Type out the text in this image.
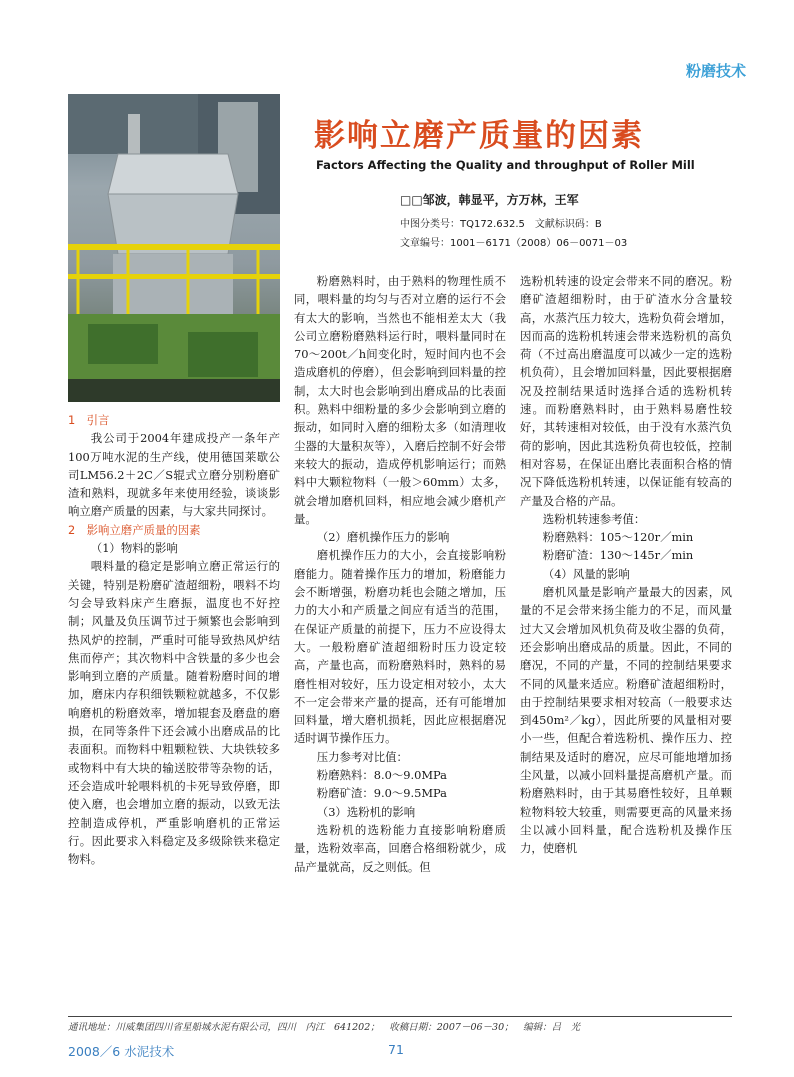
粉磨技术
影响立磨产质量的因素
Factors Affecting the Quality and throughput of Roller Mill
□□邹波，韩显平，方万林，王军
中图分类号：TQ172.632.5　文献标识码：B
文章编号：1001－6171（2008）06－0071－03

1　引言

我公司于2004年建成投产一条年产100万吨水泥的生产线，使用德国莱歇公司LM56.2＋2C／S辊式立磨分别粉磨矿渣和熟料，现就多年来使用经验，谈谈影响立磨产质量的因素，与大家共同探讨。

2　影响立磨产质量的因素

（1）物料的影响

喂料量的稳定是影响立磨正常运行的关键，特别是粉磨矿渣超细粉，喂料不均匀会导致料床产生磨振，温度也不好控制；风量及负压调节过于频繁也会影响到热风炉的控制，严重时可能导致热风炉结焦而停产；其次物料中含铁量的多少也会影响到立磨的产质量。随着粉磨时间的增加，磨床内存积细铁颗粒就越多，不仅影响磨机的粉磨效率，增加辊套及磨盘的磨损，在同等条件下还会减小出磨成品的比表面积。而物料中粗颗粒铁、大块铁较多或物料中有大块的输送胶带等杂物的话，还会造成叶轮喂料机的卡死导致停磨，即使入磨，也会增加立磨的振动，以致无法控制造成停机，严重影响磨机的正常运行。因此要求入料稳定及多级除铁来稳定物料。

粉磨熟料时，由于熟料的物理性质不同，喂料量的均匀与否对立磨的运行不会有太大的影响，当然也不能相差太大（我公司立磨粉磨熟料运行时，喂料量同时在70～200t／h间变化时，短时间内也不会造成磨机的停磨），但会影响到回料量的控制，太大时也会影响到出磨成品的比表面积。熟料中细粉量的多少会影响到立磨的振动，如同时入磨的细粉太多（如清理收尘器的大量积灰等），入磨后控制不好会带来较大的振动，造成停机影响运行；而熟料中大颗粒物料（一般＞60mm）太多，就会增加磨机回料，相应地会减少磨机产量。

（2）磨机操作压力的影响

磨机操作压力的大小，会直接影响粉磨能力。随着操作压力的增加，粉磨能力会不断增强，粉磨功耗也会随之增加，压力的大小和产质量之间应有适当的范围，在保证产质量的前提下，压力不应设得太大。一般粉磨矿渣超细粉时压力设定较高，产量也高，而粉磨熟料时，熟料的易磨性相对较好，压力设定相对较小，太大不一定会带来产量的提高，还有可能增加回料量，增大磨机损耗，因此应根据磨况适时调节操作压力。

压力参考对比值：

粉磨熟料：8.0～9.0MPa

粉磨矿渣：9.0～9.5MPa

（3）选粉机的影响

选粉机的选粉能力直接影响粉磨质量，选粉效率高，回磨合格细粉就少，成品产量就高，反之则低。但

选粉机转速的设定会带来不同的磨况。粉磨矿渣超细粉时，由于矿渣水分含量较高，水蒸汽压力较大，选粉负荷会增加，因而高的选粉机转速会带来选粉机的高负荷（不过高出磨温度可以减少一定的选粉机负荷），且会增加回料量，因此要根据磨况及控制结果适时选择合适的选粉机转速。而粉磨熟料时，由于熟料易磨性较好，其转速相对较低，由于没有水蒸汽负荷的影响，因此其选粉负荷也较低，控制相对容易，在保证出磨比表面积合格的情况下降低选粉机转速，以保证能有较高的产量及合格的产品。

选粉机转速参考值：

粉磨熟料：105～120r／min

粉磨矿渣：130～145r／min

（4）风量的影响

磨机风量是影响产量最大的因素，风量的不足会带来扬尘能力的不足，而风量过大又会增加风机负荷及收尘器的负荷，还会影响出磨成品的质量。因此，不同的磨况，不同的产量，不同的控制结果要求不同的风量来适应。粉磨矿渣超细粉时，由于控制结果要求相对较高（一般要求达到450m²／kg），因此所要的风量相对要小一些，但配合着选粉机、操作压力、控制结果及适时的磨况，应尽可能地增加扬尘风量，以减小回料量提高磨机产量。而粉磨熟料时，由于其易磨性较好，且单颗粒物料较大较重，则需要更高的风量来扬尘以减小回料量，配合选粉机及操作压力，使磨机

通讯地址：川威集团四川省星船城水泥有限公司，四川　内江　641202；　收稿日期：2007－06－30；　编辑：吕　光
2008／6 水泥技术	71
